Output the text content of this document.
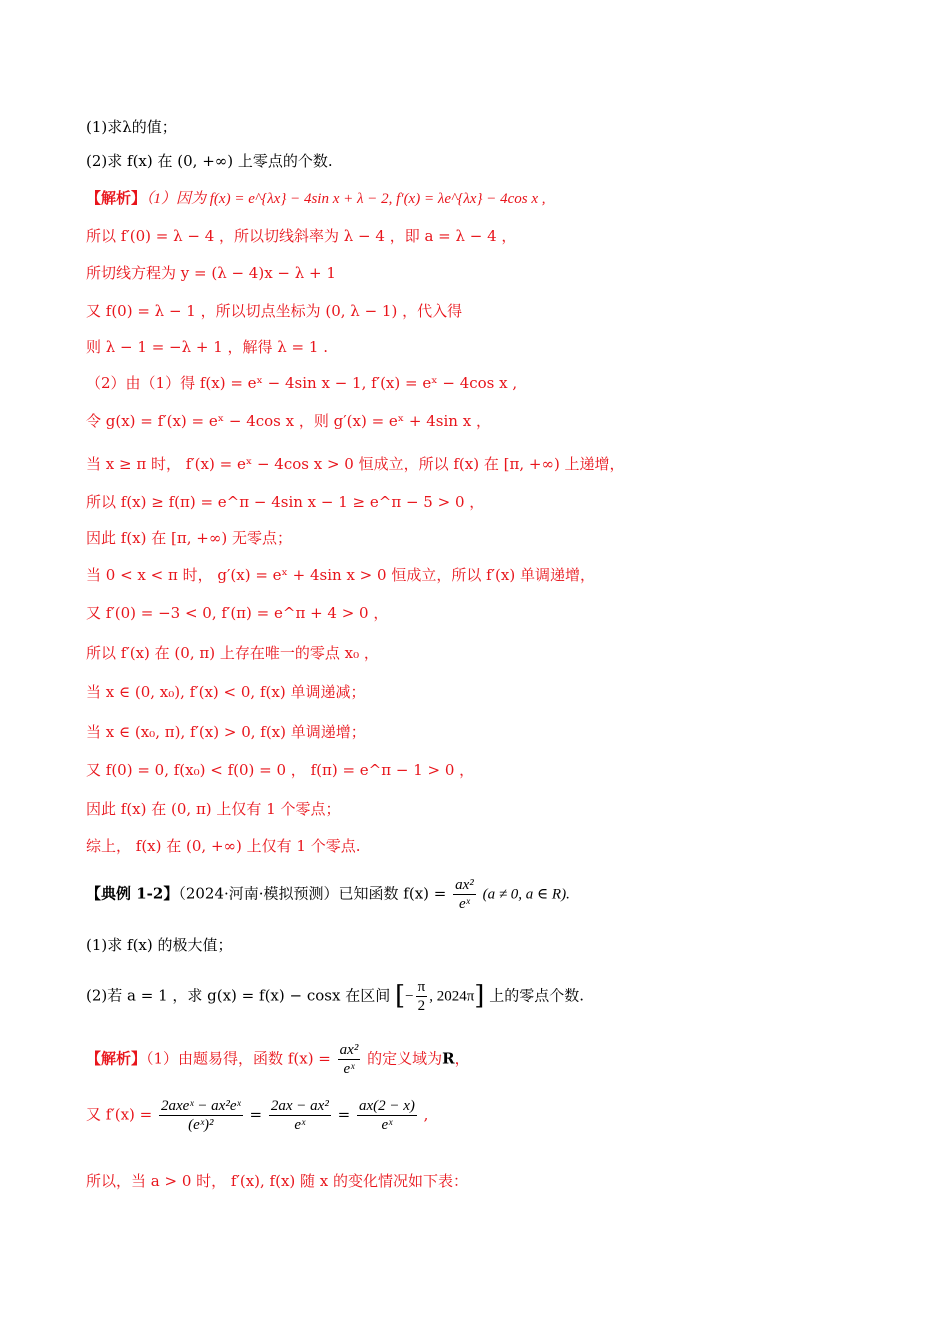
(1)求λ的值；
(2)求 f(x) 在 (0, +∞) 上零点的个数.
【解析】（1）因为 f(x) = e^{λx} − 4sin x + λ − 2, f′(x) = λe^{λx} − 4cos x ,
所以 f′(0) = λ − 4 ，所以切线斜率为 λ − 4 ，即 a = λ − 4 ，
所切线方程为 y = (λ − 4)x − λ + 1
又 f(0) = λ − 1 ，所以切点坐标为 (0, λ − 1) ，代入得
则 λ − 1 = −λ + 1 ，解得 λ = 1 .
（2）由（1）得 f(x) = eˣ − 4sin x − 1, f′(x) = eˣ − 4cos x ,
令 g(x) = f′(x) = eˣ − 4cos x ，则 g′(x) = eˣ + 4sin x ，
当 x ≥ π 时， f′(x) = eˣ − 4cos x > 0 恒成立，所以 f(x) 在 [π, +∞) 上递增，
所以 f(x) ≥ f(π) = e^π − 4sin x − 1 ≥ e^π − 5 > 0 ，
因此 f(x) 在 [π, +∞) 无零点；
当 0 < x < π 时， g′(x) = eˣ + 4sin x > 0 恒成立，所以 f′(x) 单调递增，
又 f′(0) = −3 < 0, f′(π) = e^π + 4 > 0 ，
所以 f′(x) 在 (0, π) 上存在唯一的零点 x₀ ，
当 x ∈ (0, x₀), f′(x) < 0, f(x) 单调递减；
当 x ∈ (x₀, π), f′(x) > 0, f(x) 单调递增；
又 f(0) = 0, f(x₀) < f(0) = 0 ， f(π) = e^π − 1 > 0 ，
因此 f(x) 在 (0, π) 上仅有 1 个零点；
综上， f(x) 在 (0, +∞) 上仅有 1 个零点.
【典例 1-2】（2024·河南·模拟预测）已知函数 $f(x) = \frac{\text{ax²}}{\text{eˣ}} (a \ne 0$, a ∈ R).
(1)求 f(x) 的极大值；
(2)若 a = 1 ，求 g(x) = f(x) − cosx 在区间 [− $\frac{\pi}{2}$ , 2024π] 上的零点个数.
【解析】（1）由题易得，函数 $f(x) = \frac{\text{ax²}}{\text{eˣ}}$ 的定义域为R，
又 $f'(x) = \frac{\text{2axeˣ − ax²eˣ}}{\text{(eˣ)²}} = \frac{\text{2ax − ax²}}{\text{eˣ}} = \frac{ax(2 - x)}{\text{eˣ}}$ ,
所以，当 a > 0 时， f′(x), f(x) 随 x 的变化情况如下表：
